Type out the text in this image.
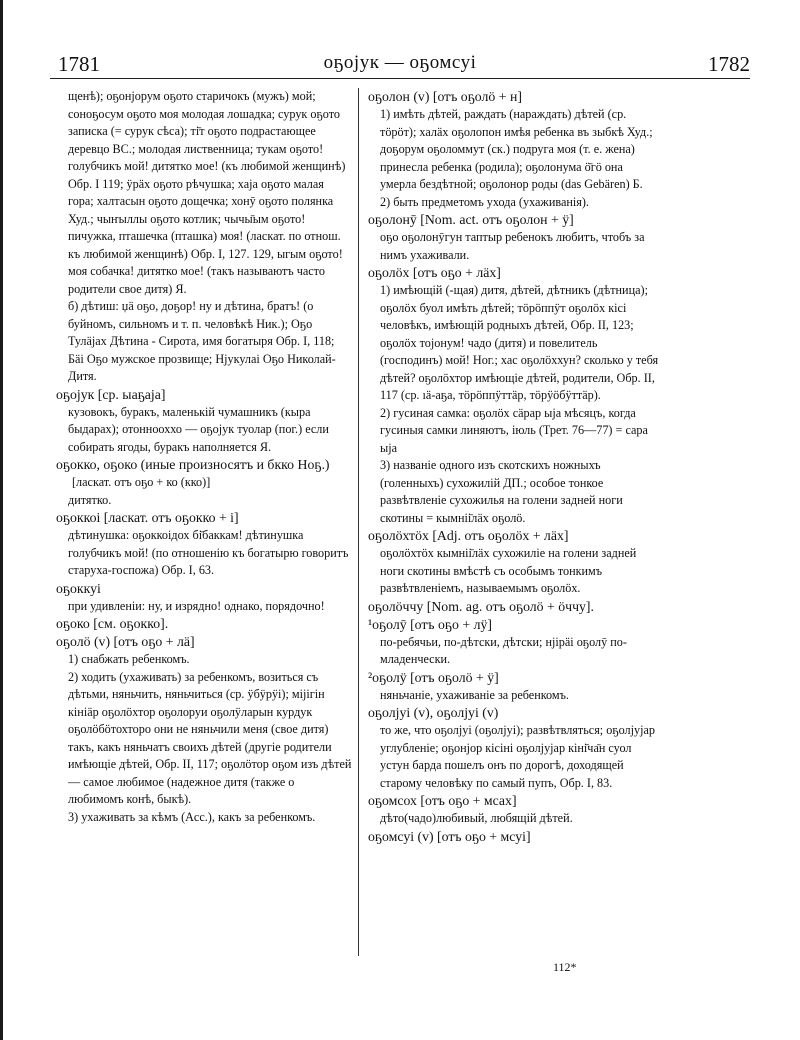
1781	оҕојук — оҕомсуі	1782

щенѣ); оҕонјорум оҕото старичокъ (мужъ) мой; соноҕосум оҕото моя молодая лошадка; сурук оҕото записка (= сурук сѣса); ті̄т оҕото подрастающее деревцо ВС.; молодая лиственница; тукам оҕото! голубчикъ мой! дитятко мое! (къ любимой женщинѣ) Обр. І 119; ӱрӓх оҕото рѣчушка; хаја оҕото малая гора; халтасын оҕото дощечка; хонӯ оҕото полянка Худ.; чыҥыллы оҕото котлик; чычы̄ым оҕото! пичужка, пташечка (пташка) моя! (ласкат. по отнош. къ любимой женщинѣ) Обр. І, 127. 129, ыгым оҕото! моя собачка! дитятко мое! (такъ называютъ часто родители свое дитя) Я.

б) дѣтиш: џӓ оҕо, доҕор! ну и дѣтина, братъ! (о буйномъ, сильномъ и т. п. человѣкѣ Ник.); Оҕо Тулӓјах Дѣтина - Сирота, имя богатыря Обр. І, 118; Бӓі Оҕо мужское прозвище; Нјукулаі Оҕо Николай-Дитя.

оҕојук [ср. ыаҕаја]

кузовокъ, буракъ, маленькій чумашникъ (кыра быдарах); отоннооххо — оҕојук туолар (пог.) если собирать ягоды, буракъ наполняется Я.

оҕокко, оҕоко (иные произносятъ и бкко Ноҕ.)

[ласкат. отъ оҕо + ко (кко)]

дитятко.

оҕоккоі [ласкат. отъ оҕокко + і]

дѣтинушка: оҕоккоідох бі̄баккам! дѣтинушка голубчикъ мой! (по отношенію къ богатырю говоритъ старуха-госпожа) Обр. І, 63.

оҕоккуі

при удивленіи: ну, и изрядно! однако, порядочно!

оҕоко [см. оҕокко].

оҕолӧ (v) [отъ оҕо + лӓ]

1) снабжать ребенкомъ.

2) ходить (ухаживать) за ребенкомъ, возиться съ дѣтьми, няньчить, няньчиться (ср. ӱбӱрӱі); міјігін кініӓр оҕолӧхтор оҕолоруи оҕолӱларын курдук оҕолӧбӧтохторо они не няньчили меня (свое дитя) такъ, какъ няньчатъ своихъ дѣтей (другіе родители имѣющіе дѣтей, Обр. ІІ, 117; оҕолӧтор оҕом изъ дѣтей — самое любимое (надежное дитя (также о любимомъ конѣ, быкѣ).

3) ухаживать за кѣмъ (Acc.), какъ за ребенкомъ.

оҕолон (v) [отъ оҕолӧ + н]

1) имѣть дѣтей, раждать (нараждать) дѣтей (ср. тӧрӧт); халӓх оҕолопон имѣя ребенка въ зыбкѣ Худ.; доҕорум оҕоломмут (ск.) подруга моя (т. е. жена) принесла ребенка (родила); оҕолонума ӧ̄гӧ она умерла бездѣтной; оҕолонор роды (das Gebären) Б.

2) быть предметомъ ухода (ухаживанія).

оҕолонӯ [Nom. act. отъ оҕолон + ӱ]

оҕо оҕолонӯгун таптыр ребенокъ любитъ, чтобъ за нимъ ухаживали.

оҕолӧх [отъ оҕо + лӓх]

1) имѣющій (-щая) дитя, дѣтей, дѣтникъ (дѣтница); оҕолӧх буол имѣть дѣтей; тӧрӧппӱт оҕолӧх кісі человѣкъ, имѣющій родныхъ дѣтей, Обр. ІІ, 123; оҕолӧх тојонум! чадо (дитя) и повелитель (господинъ) мой! Ног.; хас оҕолӧххун? сколько у тебя дѣтей? оҕолӧхтор имѣющіе дѣтей, родители, Обр. ІІ, 117 (ср. ıӓ-аҕа, тӧрӧппӱттӓр, тӧрӱӧбӱттӓр).

2) гусиная самка: оҕолӧх сӓрар ыја мѣсяцъ, когда гусиныя самки линяютъ, іюль (Трет. 76—77) = сара ыја

3) названіе одного изъ скотскихъ ножныхъ (голенныхъ) сухожилій ДП.; особое тонкое развѣтвленіе сухожилья на голени задней ноги скотины = кымніі̄лӓх оҕолӧ.

оҕолӧхтӧх [Adj. отъ оҕолӧх + лӓх]

оҕолӧхтӧх кымніі̄лӓх сухожиліе на голени задней ноги скотины вмѣстѣ съ особымъ тонкимъ развѣтвленіемъ, называемымъ оҕолӧх.

оҕолӧччу [Nom. ag. отъ оҕолӧ + ӧччу].

¹оҕолӯ [отъ оҕо + лӱ]

по-ребячьи, по-дѣтски, дѣтски; нјірӓі оҕолӯ по-младенчески.

²оҕолӱ [отъ оҕолӧ + ӱ]

няньчаніе, ухаживаніе за ребенкомъ.

оҕолјуі (v), оҕолјуі (v)

то же, что оҕолјуі (оҕолјуі); развѣтвляться; оҕолјујар углубленіе; оҕонјор кісіні оҕолјујар кіні̄ча̄н суол устун барда пошелъ онъ по дорогѣ, доходящей старому человѣку по самый пупъ, Обр. І, 83.

оҕомсох [отъ оҕо + мсах]

дѣто(чадо)любивый, любящій дѣтей.

оҕомсуі (v) [отъ оҕо + мсуі]

112*
